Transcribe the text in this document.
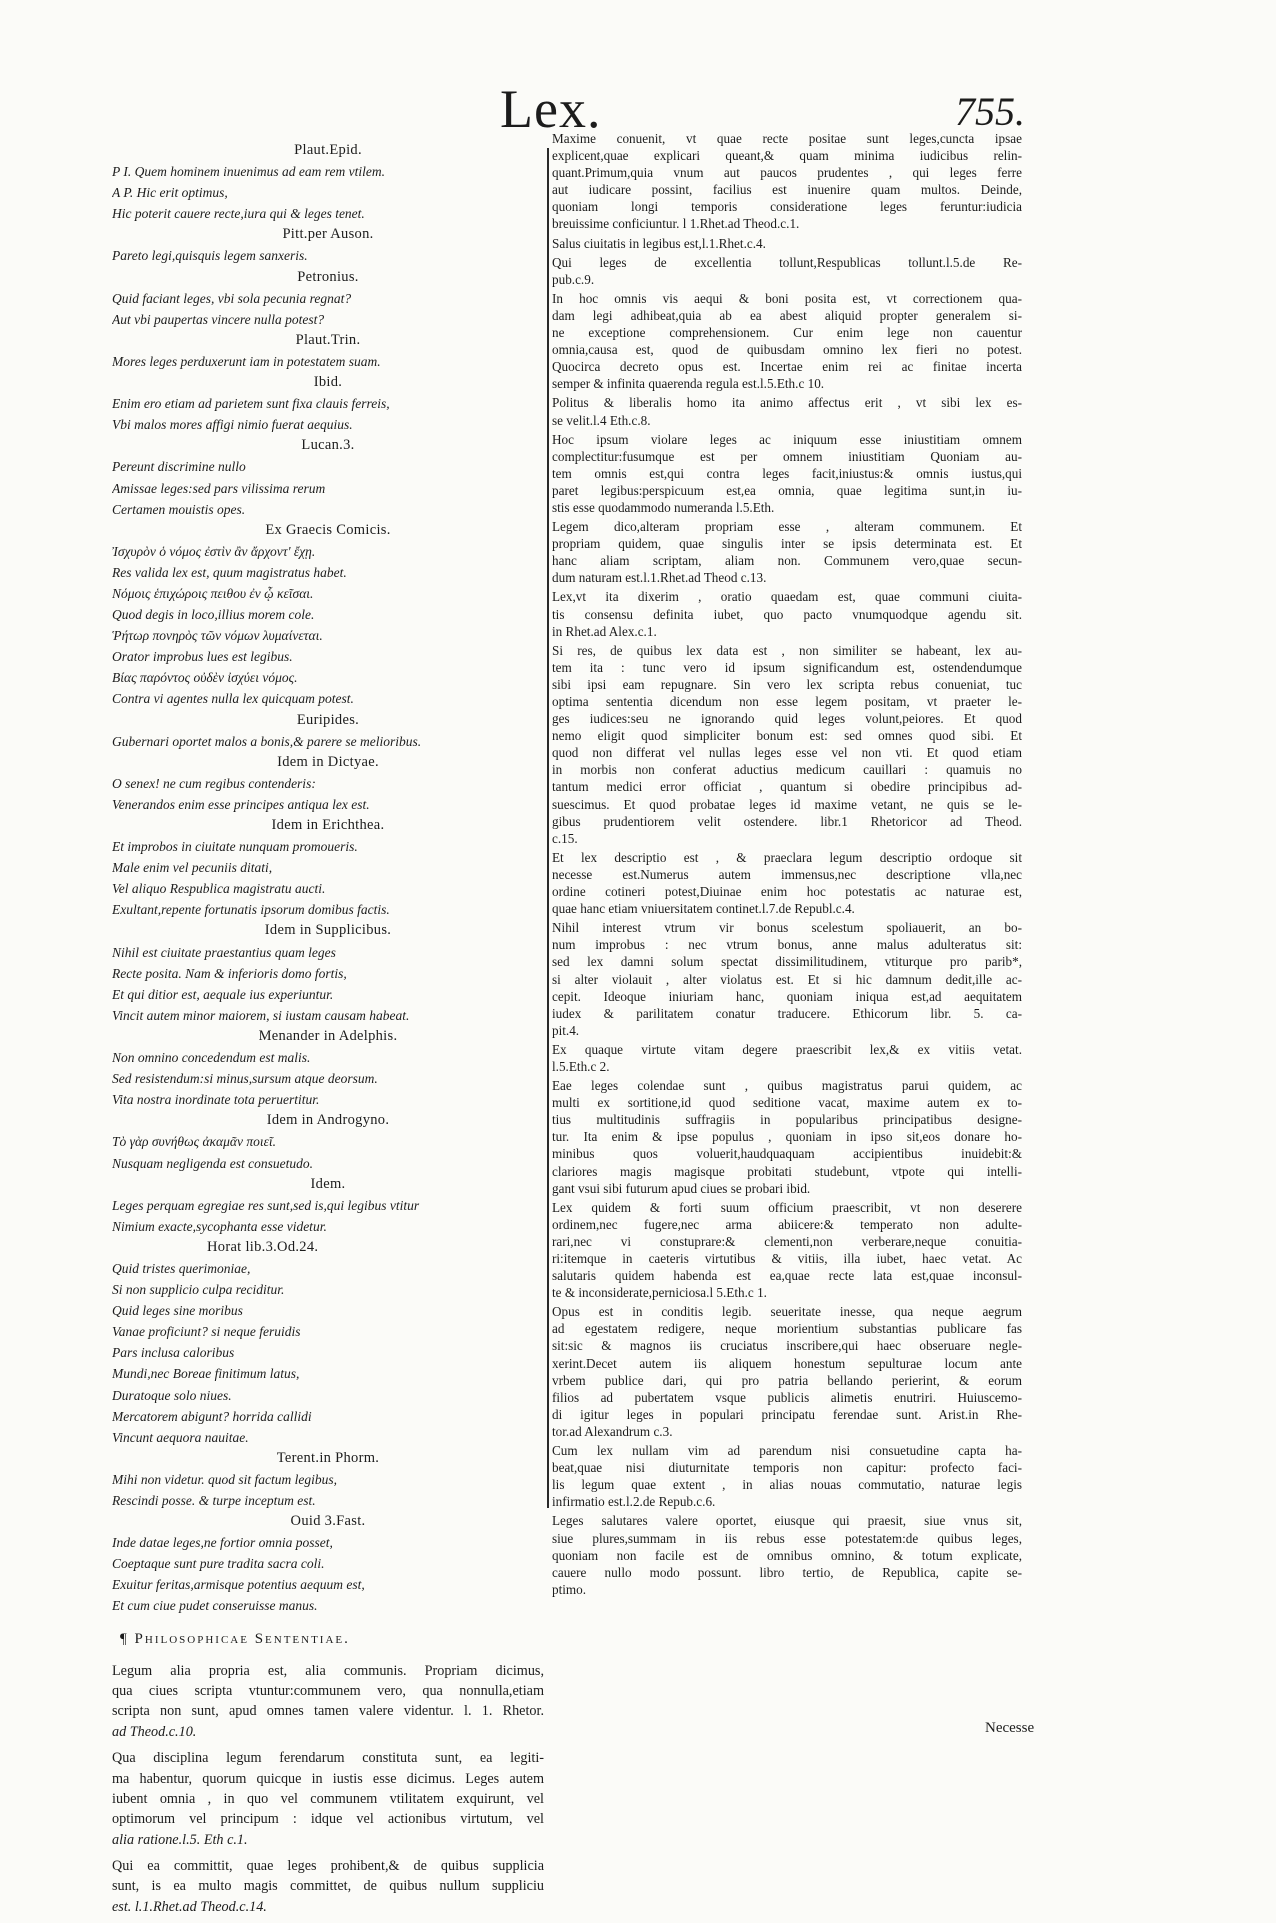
Lex.	755.
Plaut.Epid.
P I. Quem hominem inuenimus ad eam rem vtilem.
A P. Hic erit optimus,
Hic poterit cauere recte,iura qui & leges tenet.
Pitt.per Auson.
Pareto legi,quisquis legem sanxeris.
Petronius.
Quid faciant leges, vbi sola pecunia regnat?
Aut vbi paupertas vincere nulla potest?
Plaut.Trin.
Mores leges perduxerunt iam in potestatem suam.
Ibid.
Enim ero etiam ad parietem sunt fixa clauis ferreis,
Vbi malos mores affigi nimio fuerat aequius.
Lucan.3.
Pereunt discrimine nullo
Amissae leges:sed pars vilissima rerum
Certamen mouistis opes.
Ex Graecis Comicis.
Ἰσχυρὸν ὁ νόμος ἐστὶν ἂν ἄρχοντ' ἔχῃ.
Res valida lex est, quum magistratus habet.
Νόμοις ἑπιχώροις πειθου ἐν ᾧ κεῖσαι.
Quod degis in loco,illius morem cole.
Ῥήτωρ πονηρὸς τῶν νόμων λυμαίνεται.
Orator improbus lues est legibus.
Βίας παρόντος οὐδὲν ἰσχύει νόμος.
Contra vi agentes nulla lex quicquam potest.
Euripides.
Gubernari oportet malos a bonis,& parere se melioribus.
Idem in Dictyae.
O senex! ne cum regibus contenderis:
Venerandos enim esse principes antiqua lex est.
Idem in Erichthea.
Et improbos in ciuitate nunquam promoueris.
Male enim vel pecuniis ditati,
Vel aliquo Respublica magistratu aucti.
Exultant,repente fortunatis ipsorum domibus factis.
Idem in Supplicibus.
Nihil est ciuitate praestantius quam leges
Recte posita. Nam & inferioris domo fortis,
Et qui ditior est, aequale ius experiuntur.
Vincit autem minor maiorem, si iustam causam habeat.
Menander in Adelphis.
Non omnino concedendum est malis.
Sed resistendum:si minus,sursum atque deorsum.
Vita nostra inordinate tota peruertitur.
Idem in Androgyno.
Τὸ γὰρ συνήθως ἀκαμᾶν ποιεῖ.
Nusquam negligenda est consuetudo.
Idem.
Leges perquam egregiae res sunt,sed is,qui legibus vtitur
Nimium exacte,sycophanta esse videtur.
Horat lib.3.Od.24.
Quid tristes querimoniae,
Si non supplicio culpa reciditur.
Quid leges sine moribus
Vanae proficiunt? si neque feruidis
Pars inclusa caloribus
Mundi,nec Boreae finitimum latus,
Duratoque solo niues.
Mercatorem abigunt? horrida callidi
Vincunt aequora nauitae.
Terent.in Phorm.
Mihi non videtur. quod sit factum legibus,
Rescindi posse. & turpe inceptum est.
Ouid 3.Fast.
Inde datae leges,ne fortior omnia posset,
Coeptaque sunt pure tradita sacra coli.
Exuitur feritas,armisque potentius aequum est,
Et cum ciue pudet conseruisse manus.
¶ Philosophicae Sententiae.
Legum alia propria est, alia communis. Propriam dicimus,
qua ciues scripta vtuntur:communem vero, qua nonnulla,etiam
scripta non sunt, apud omnes tamen valere videntur. l. 1. Rhetor.
ad Theod.c.10.
Qua disciplina legum ferendarum constituta sunt, ea legiti-
ma habentur, quorum quicque in iustis esse dicimus. Leges autem
iubent omnia , in quo vel communem vtilitatem exquirunt, vel
optimorum vel principum : idque vel actionibus virtutum, vel
alia ratione.l.5. Eth c.1.
Qui ea committit, quae leges prohibent,& de quibus supplicia
sunt, is ea multo magis committet, de quibus nullum suppliciu
est. l.1.Rhet.ad Theod.c.14.
Maxime conuenit, vt quae recte positae sunt leges,cuncta ipsae
explicent,quae explicari queant,& quam minima iudicibus relin-
quant.Primum,quia vnum aut paucos prudentes , qui leges ferre
aut iudicare possint, facilius est inuenire quam multos. Deinde,
quoniam longi temporis consideratione leges feruntur:iudicia
breuissime conficiuntur. l 1.Rhet.ad Theod.c.1.
Salus ciuitatis in legibus est,l.1.Rhet.c.4.
Qui leges de excellentia tollunt,Respublicas tollunt.l.5.de Re-
pub.c.9.
In hoc omnis vis aequi & boni posita est, vt correctionem qua-
dam legi adhibeat,quia ab ea abest aliquid propter generalem si-
ne exceptione comprehensionem. Cur enim lege non cauentur
omnia,causa est, quod de quibusdam omnino lex fieri no potest.
Quocirca decreto opus est. Incertae enim rei ac finitae incerta
semper & infinita quaerenda regula est.l.5.Eth.c 10.
Politus & liberalis homo ita animo affectus erit , vt sibi lex es-
se velit.l.4 Eth.c.8.
Hoc ipsum violare leges ac iniquum esse iniustitiam omnem
complectitur:fusumque est per omnem iniustitiam Quoniam au-
tem omnis est,qui contra leges facit,iniustus:& omnis iustus,qui
paret legibus:perspicuum est,ea omnia, quae legitima sunt,in iu-
stis esse quodammodo numeranda l.5.Eth.
Legem dico,alteram propriam esse , alteram communem. Et
propriam quidem, quae singulis inter se ipsis determinata est. Et
hanc aliam scriptam, aliam non. Communem vero,quae secun-
dum naturam est.l.1.Rhet.ad Theod c.13.
Lex,vt ita dixerim , oratio quaedam est, quae communi ciuita-
tis consensu definita iubet, quo pacto vnumquodque agendu sit.
in Rhet.ad Alex.c.1.
Si res, de quibus lex data est , non similiter se habeant, lex au-
tem ita : tunc vero id ipsum significandum est, ostendendumque
sibi ipsi eam repugnare. Sin vero lex scripta rebus conueniat, tuc
optima sententia dicendum non esse legem positam, vt praeter le-
ges iudices:seu ne ignorando quid leges volunt,peiores. Et quod
nemo eligit quod simpliciter bonum est: sed omnes quod sibi. Et
quod non differat vel nullas leges esse vel non vti. Et quod etiam
in morbis non conferat aductius medicum cauillari : quamuis no
tantum medici error officiat , quantum si obedire principibus ad-
suescimus. Et quod probatae leges id maxime vetant, ne quis se le-
gibus prudentiorem velit ostendere. libr.1 Rhetoricor ad Theod.
c.15.
Et lex descriptio est , & praeclara legum descriptio ordoque sit
necesse est.Numerus autem immensus,nec descriptione vlla,nec
ordine cotineri potest,Diuinae enim hoc potestatis ac naturae est,
quae hanc etiam vniuersitatem continet.l.7.de Republ.c.4.
Nihil interest vtrum vir bonus scelestum spoliauerit, an bo-
num improbus : nec vtrum bonus, anne malus adulteratus sit:
sed lex damni solum spectat dissimilitudinem, vtiturque pro parib*,
si alter violauit , alter violatus est. Et si hic damnum dedit,ille ac-
cepit. Ideoque iniuriam hanc, quoniam iniqua est,ad aequitatem
iudex & parilitatem conatur traducere. Ethicorum libr. 5. ca-
pit.4.
Ex quaque virtute vitam degere praescribit lex,& ex vitiis vetat.
l.5.Eth.c 2.
Eae leges colendae sunt , quibus magistratus parui quidem, ac
multi ex sortitione,id quod seditione vacat, maxime autem ex to-
tius multitudinis suffragiis in popularibus principatibus designe-
tur. Ita enim & ipse populus , quoniam in ipso sit,eos donare ho-
minibus quos voluerit,haudquaquam accipientibus inuidebit:&
clariores magis magisque probitati studebunt, vtpote qui intelli-
gant vsui sibi futurum apud ciues se probari ibid.
Lex quidem & forti suum officium praescribit, vt non deserere
ordinem,nec fugere,nec arma abiicere:& temperato non adulte-
rari,nec vi constuprare:& clementi,non verberare,neque conuitia-
ri:itemque in caeteris virtutibus & vitiis, illa iubet, haec vetat. Ac
salutaris quidem habenda est ea,quae recte lata est,quae inconsul-
te & inconsiderate,perniciosa.l 5.Eth.c 1.
Opus est in conditis legib. seueritate inesse, qua neque aegrum
ad egestatem redigere, neque morientium substantias publicare fas
sit:sic & magnos iis cruciatus inscribere,qui haec obseruare negle-
xerint.Decet autem iis aliquem honestum sepulturae locum ante
vrbem publice dari, qui pro patria bellando perierint, & eorum
filios ad pubertatem vsque publicis alimetis enutriri. Huiuscemo-
di igitur leges in populari principatu ferendae sunt. Arist.in Rhe-
tor.ad Alexandrum c.3.
Cum lex nullam vim ad parendum nisi consuetudine capta ha-
beat,quae nisi diuturnitate temporis non capitur: profecto faci-
lis legum quae extent , in alias nouas commutatio, naturae legis
infirmatio est.l.2.de Repub.c.6.
Leges salutares valere oportet, eiusque qui praesit, siue vnus sit,
siue plures,summam in iis rebus esse potestatem:de quibus leges,
quoniam non facile est de omnibus omnino, & totum explicate,
cauere nullo modo possunt. libro tertio, de Republica, capite se-
ptimo.
Necesse
